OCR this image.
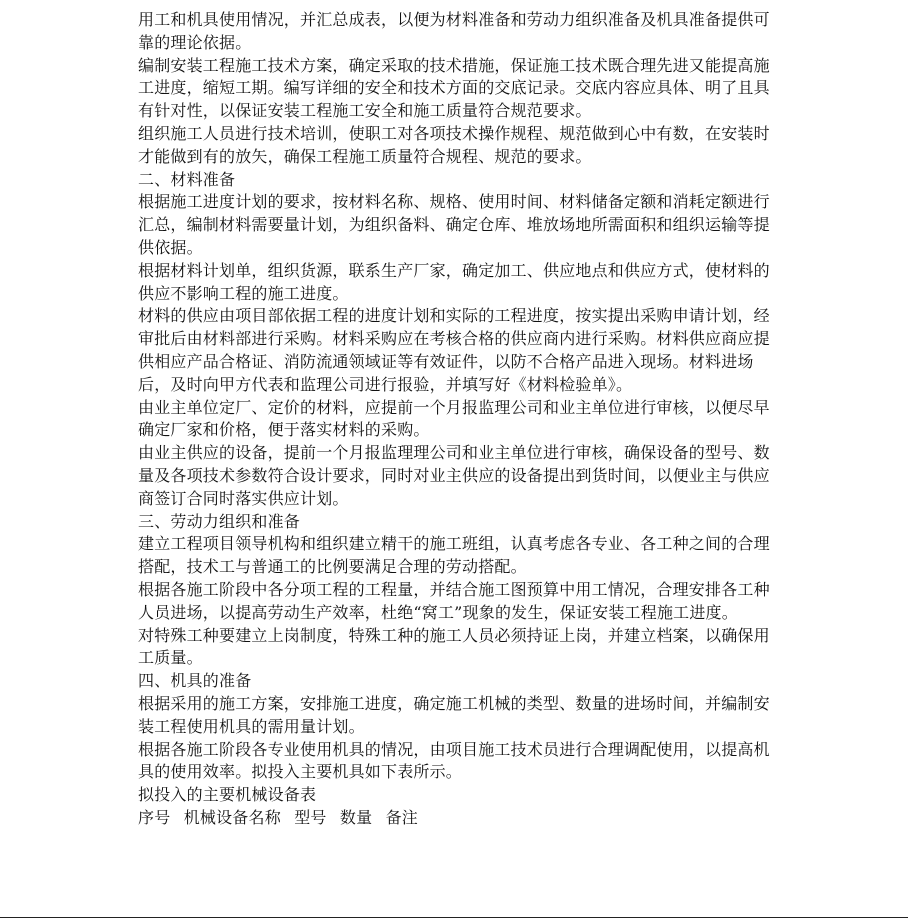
用工和机具使用情况，并汇总成表，以便为材料准备和劳动力组织准备及机具准备提供可靠的理论依据。

编制安装工程施工技术方案，确定采取的技术措施，保证施工技术既合理先进又能提高施工进度，缩短工期。编写详细的安全和技术方面的交底记录。交底内容应具体、明了且具有针对性，以保证安装工程施工安全和施工质量符合规范要求。

组织施工人员进行技术培训，使职工对各项技术操作规程、规范做到心中有数，在安装时才能做到有的放矢，确保工程施工质量符合规程、规范的要求。

二、材料准备

根据施工进度计划的要求，按材料名称、规格、使用时间、材料储备定额和消耗定额进行汇总，编制材料需要量计划，为组织备料、确定仓库、堆放场地所需面积和组织运输等提供依据。

根据材料计划单，组织货源，联系生产厂家，确定加工、供应地点和供应方式，使材料的供应不影响工程的施工进度。

材料的供应由项目部依据工程的进度计划和实际的工程进度，按实提出采购申请计划，经审批后由材料部进行采购。材料采购应在考核合格的供应商内进行采购。材料供应商应提供相应产品合格证、消防流通领域证等有效证件，以防不合格产品进入现场。材料进场后，及时向甲方代表和监理公司进行报验，并填写好《材料检验单》。

由业主单位定厂、定价的材料，应提前一个月报监理公司和业主单位进行审核，以便尽早确定厂家和价格，便于落实材料的采购。

由业主供应的设备，提前一个月报监理理公司和业主单位进行审核，确保设备的型号、数量及各项技术参数符合设计要求，同时对业主供应的设备提出到货时间，以便业主与供应商签订合同时落实供应计划。

三、劳动力组织和准备

建立工程项目领导机构和组织建立精干的施工班组，认真考虑各专业、各工种之间的合理搭配，技术工与普通工的比例要满足合理的劳动搭配。

根据各施工阶段中各分项工程的工程量，并结合施工图预算中用工情况，合理安排各工种人员进场，以提高劳动生产效率，杜绝“窝工”现象的发生，保证安装工程施工进度。

对特殊工种要建立上岗制度，特殊工种的施工人员必须持证上岗，并建立档案，以确保用工质量。

四、机具的准备

根据采用的施工方案，安排施工进度，确定施工机械的类型、数量的进场时间，并编制安装工程使用机具的需用量计划。

根据各施工阶段各专业使用机具的情况，由项目施工技术员进行合理调配使用，以提高机具的使用效率。拟投入主要机具如下表所示。

拟投入的主要机械设备表
序号 机械设备名称 型号 数量 备注
